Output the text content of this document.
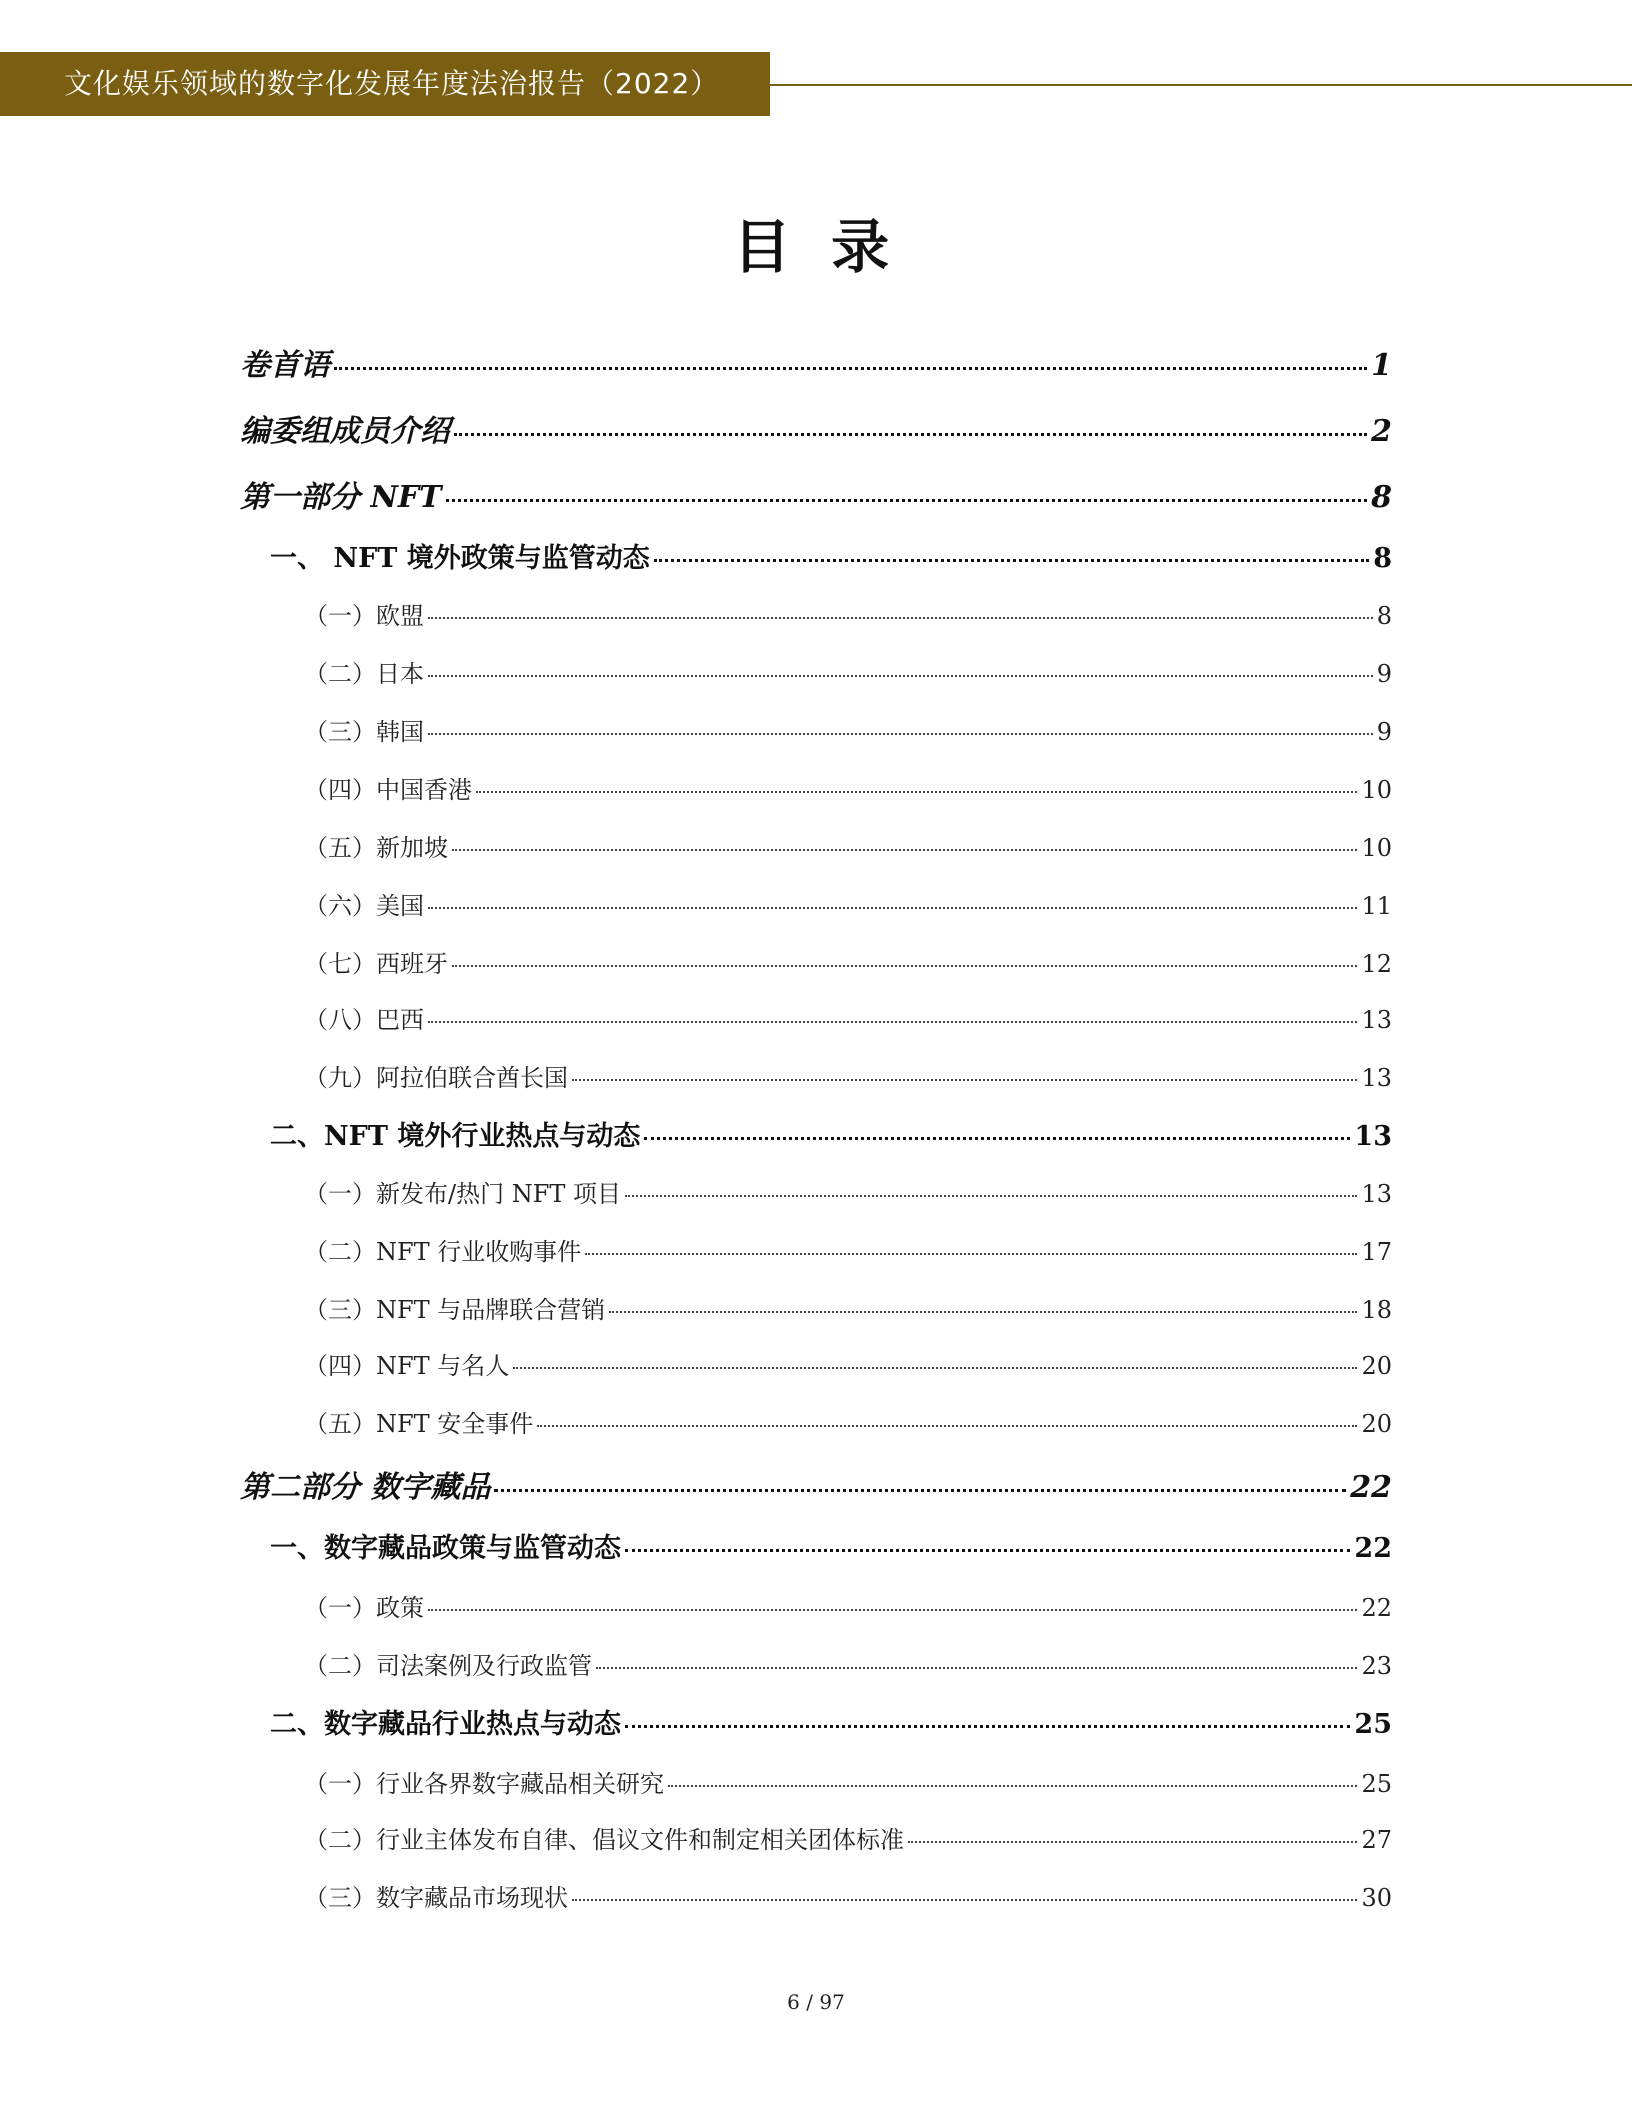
文化娱乐领域的数字化发展年度法治报告（2022）
目 录
卷首语	1
编委组成员介绍	2
第一部分 NFT	8
一、 NFT 境外政策与监管动态	8
（一）欧盟	8
（二）日本	9
（三）韩国	9
（四）中国香港	10
（五）新加坡	10
（六）美国	11
（七）西班牙	12
（八）巴西	13
（九）阿拉伯联合酋长国	13
二、NFT 境外行业热点与动态	13
（一）新发布/热门 NFT 项目	13
（二）NFT 行业收购事件	17
（三）NFT 与品牌联合营销	18
（四）NFT 与名人	20
（五）NFT 安全事件	20
第二部分 数字藏品	22
一、数字藏品政策与监管动态	22
（一）政策	22
（二）司法案例及行政监管	23
二、数字藏品行业热点与动态	25
（一）行业各界数字藏品相关研究	25
（二）行业主体发布自律、倡议文件和制定相关团体标准	27
（三）数字藏品市场现状	30
6 / 97
